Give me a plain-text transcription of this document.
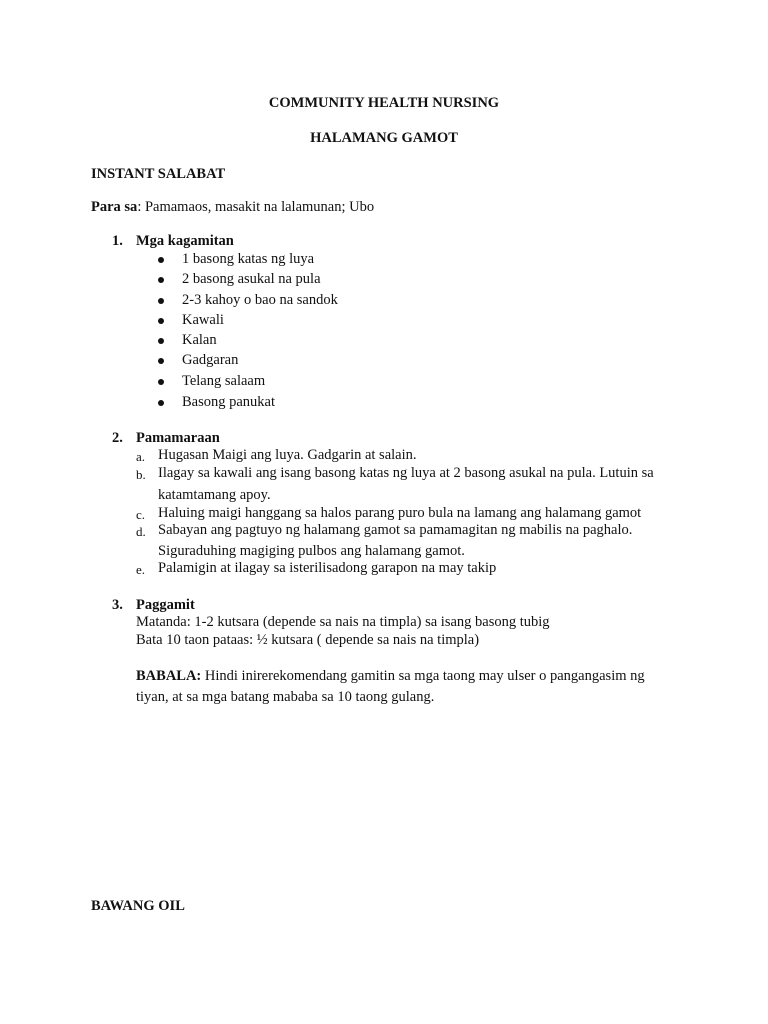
COMMUNITY HEALTH NURSING
HALAMANG GAMOT
INSTANT SALABAT
Para sa: Pamamaos, masakit na lalamunan; Ubo
1. Mga kagamitan
1 basong katas ng luya
2 basong asukal na pula
2-3 kahoy o bao na sandok
Kawali
Kalan
Gadgaran
Telang salaam
Basong panukat
2. Pamamaraan
a. Hugasan Maigi ang luya. Gadgarin at salain.
b. Ilagay sa kawali ang isang basong katas ng luya at 2 basong asukal na pula. Lutuin sa
katamtamang apoy.
c. Haluing maigi hanggang sa halos parang puro bula na lamang ang halamang gamot
d. Sabayan ang pagtuyo ng halamang gamot sa pamamagitan ng mabilis na paghalo.
Siguraduhing magiging pulbos ang halamang gamot.
e. Palamigin at ilagay sa isterilisadong garapon na may takip
3. Paggamit
Matanda: 1-2 kutsara (depende sa nais na timpla) sa isang basong tubig
Bata 10 taon pataas: ½ kutsara ( depende sa nais na timpla)
BABALA: Hindi inirerekomendang gamitin sa mga taong may ulser o pangangasim ng
tiyan, at sa mga batang mababa sa 10 taong gulang.
BAWANG OIL
